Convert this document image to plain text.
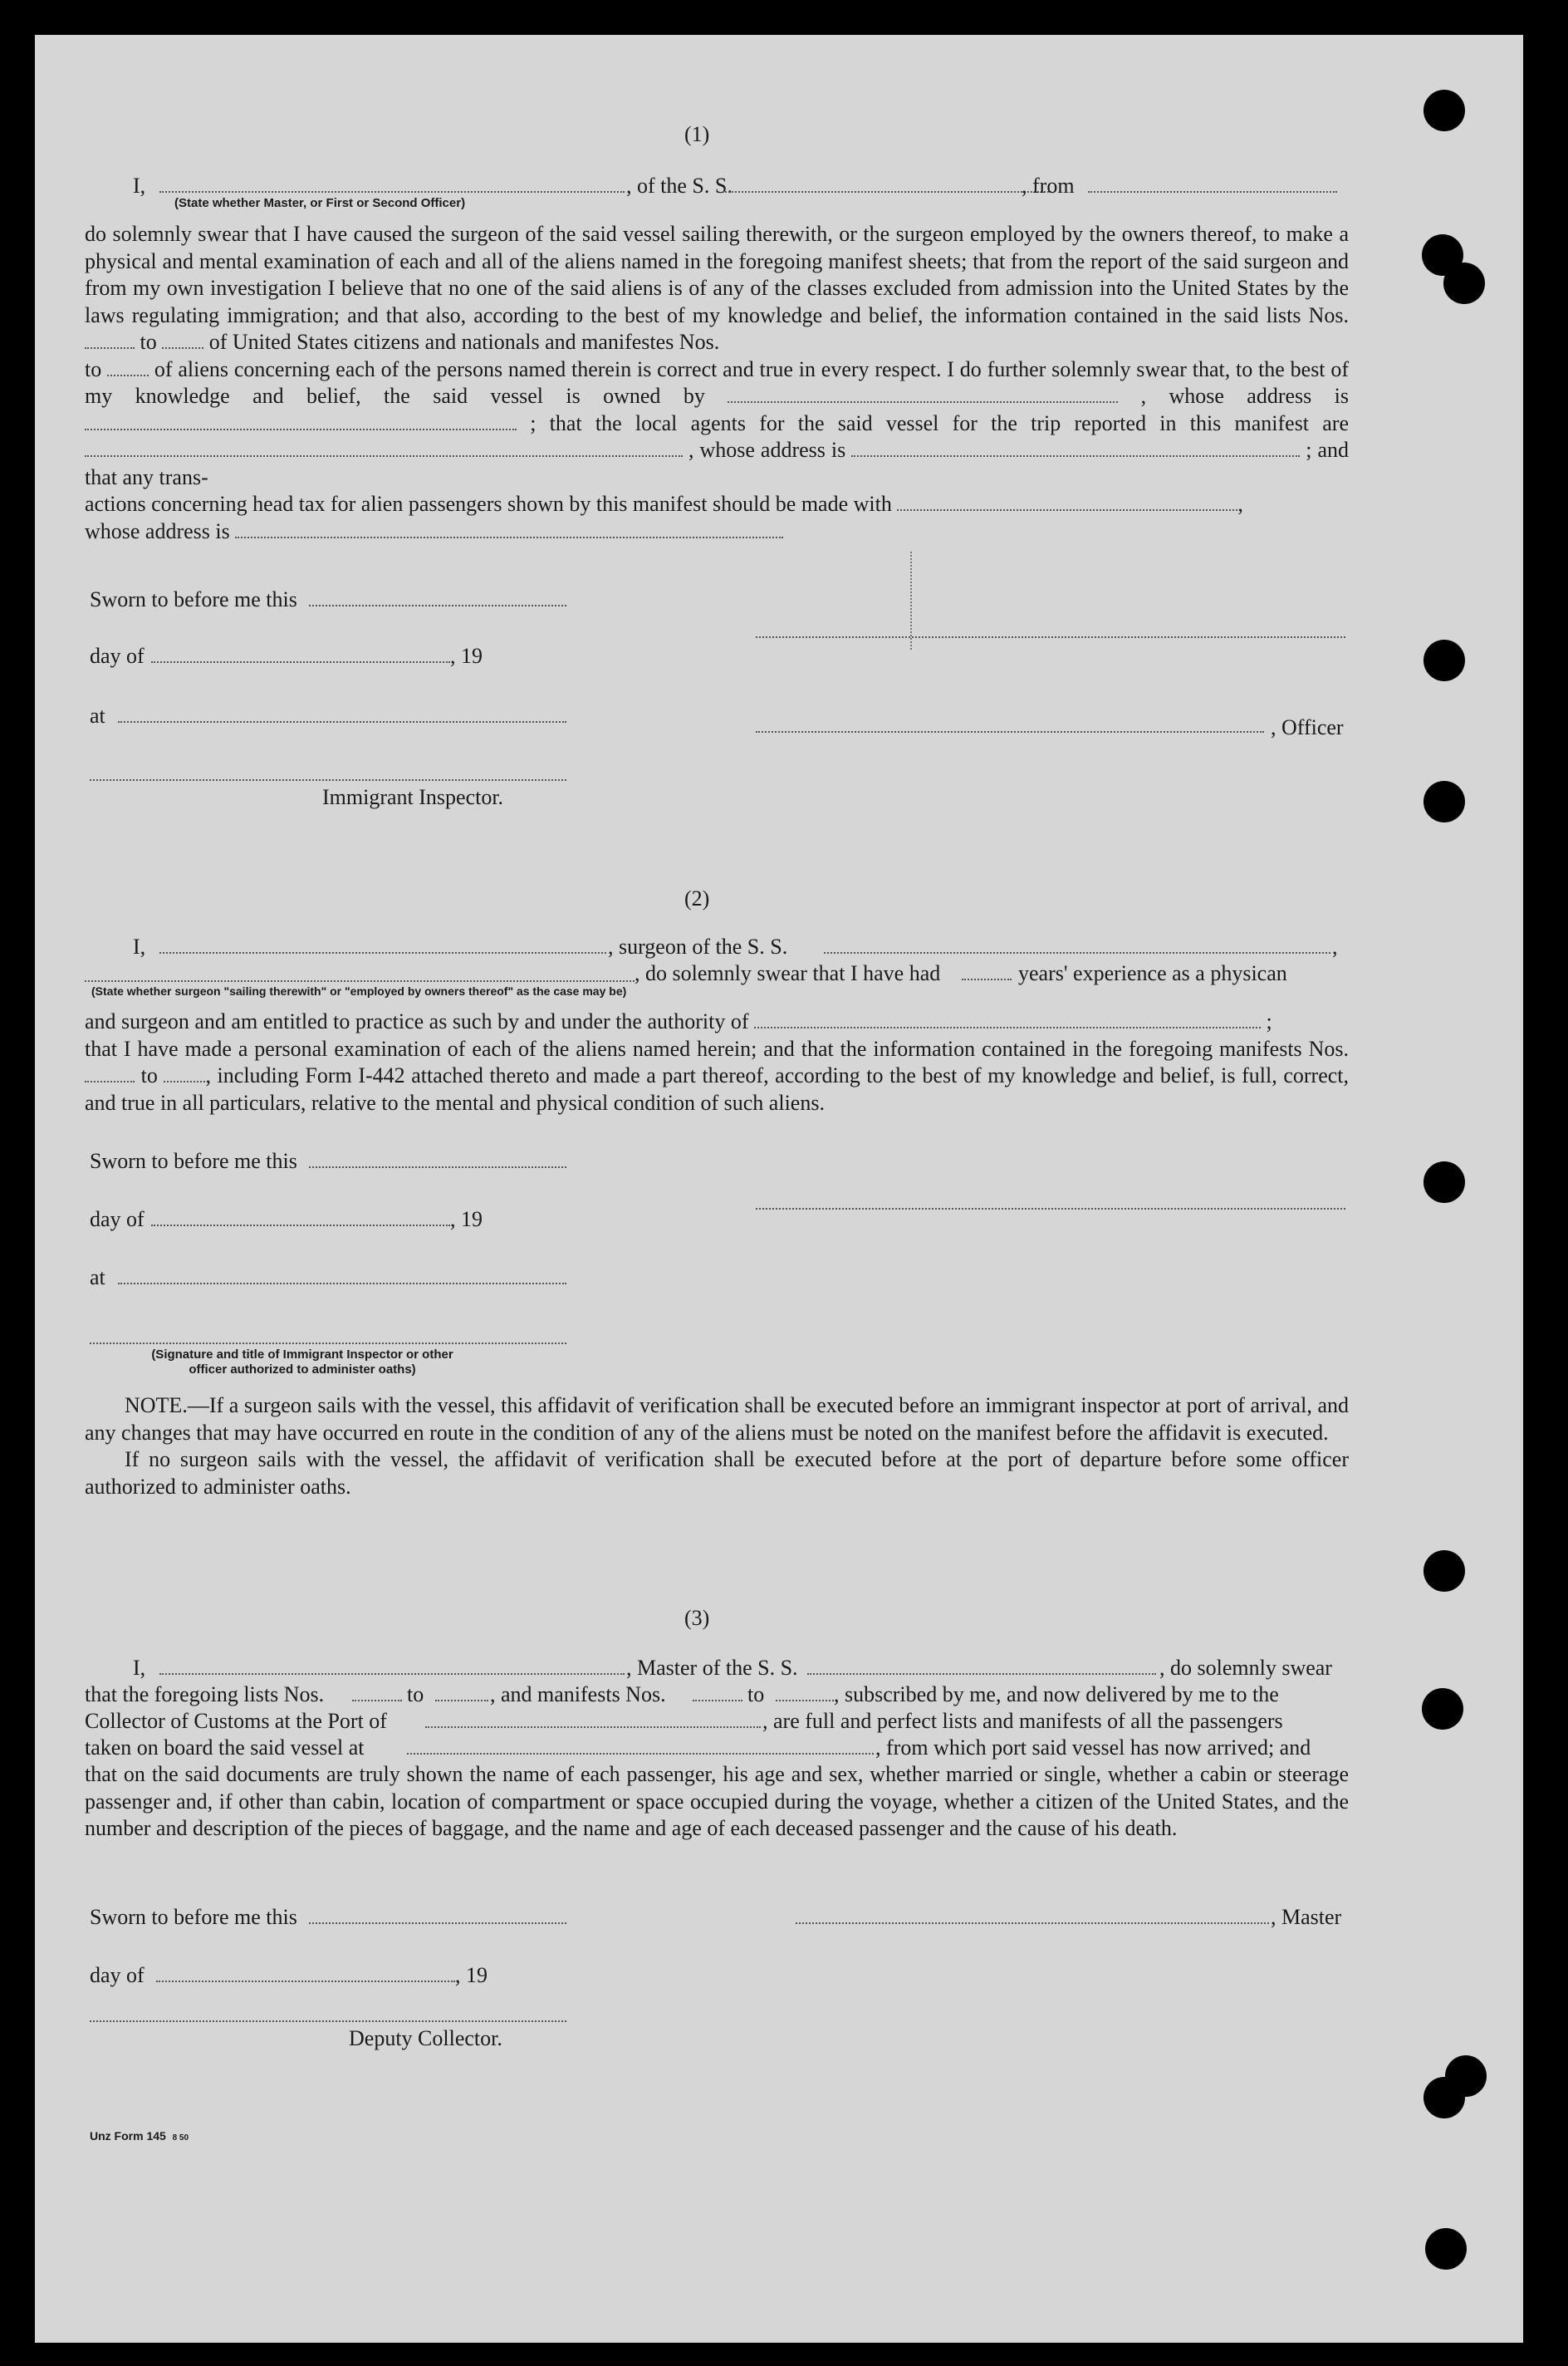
(1)
I,	, of the S. S.	, from
(State whether Master, or First or Second Officer)

do solemnly swear that I have caused the surgeon of the said vessel sailing therewith, or the surgeon employed by the owners thereof, to make a physical and mental examination of each and all of the aliens named in the foregoing manifest sheets; that from the report of the said surgeon and from my own investigation I believe that no one of the said aliens is of any of the classes excluded from admission into the United States by the laws regulating immigration; and that also, according to the best of my knowledge and belief, the information contained in the said lists Nos.  to of United States citizens and nationals and manifestes Nos.

to of aliens concerning each of the persons named therein is correct and true in every respect. I do further solemnly swear that, to the best of my knowledge and belief, the said vessel is owned by	, whose address is  ; that the local agents for the said vessel for the trip reported in this manifest are  , whose address is	; and that any trans-

actions concerning head tax for alien passengers shown by this manifest should be made with	,

whose address is

Sworn to before me this
day of	, 19
at	, Officer
Immigrant Inspector.
(2)
I,	, surgeon of the S. S.	,
, do solemnly swear that I have had	years' experience as a physican
(State whether surgeon "sailing therewith" or "employed by owners thereof" as the case may be)

and surgeon and am entitled to practice as such by and under the authority of	;

that I have made a personal examination of each of the aliens named herein; and that the information contained in the foregoing manifests Nos.  to , including Form I-442 attached thereto and made a part thereof, according to the best of my knowledge and belief, is full, correct, and true in all particulars, relative to the mental and physical condition of such aliens.

Sworn to before me this
day of	, 19
at
(Signature and title of Immigrant Inspector or other
officer authorized to administer oaths)

NOTE.—If a surgeon sails with the vessel, this affidavit of verification shall be executed before an immigrant inspector at port of arrival, and any changes that may have occurred en route in the condition of any of the aliens must be noted on the manifest before the affidavit is executed.

If no surgeon sails with the vessel, the affidavit of verification shall be executed before at the port of departure before some officer authorized to administer oaths.

(3)
I,	, Master of the S. S.	, do solemnly swear
that the foregoing lists Nos.	to	, and manifests Nos.	to	, subscribed by me, and now delivered by me to the
Collector of Customs at the Port of	, are full and perfect lists and manifests of all the passengers
taken on board the said vessel at	, from which port said vessel has now arrived; and
that on the said documents are truly shown the name of each passenger, his age and sex, whether married or single, whether a cabin or steerage passenger and, if other than cabin, location of compartment or space occupied during the voyage, whether a citizen of the United States, and the number and description of the pieces of baggage, and the name and age of each deceased passenger and the cause of his death.
Sworn to before me this	, Master
day of	, 19
Deputy Collector.
Unz Form 145 8 50
